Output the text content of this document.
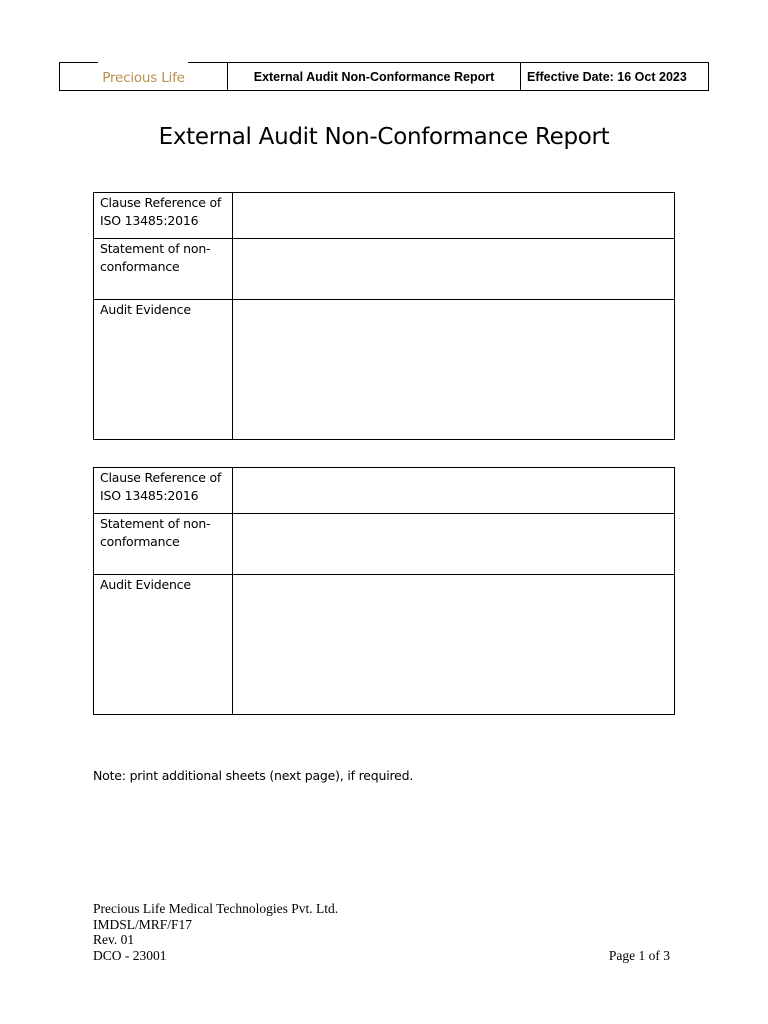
Precious Life	External Audit Non-Conformance Report	Effective Date: 16 Oct 2023
External Audit Non-Conformance Report
Clause Reference of ISO 13485:2016	
Statement of non-conformance	
Audit Evidence	
Clause Reference of ISO 13485:2016	
Statement of non-conformance	
Audit Evidence	
Note: print additional sheets (next page), if required.
Precious Life Medical Technologies Pvt. Ltd.
IMDSL/MRF/F17
Rev. 01
DCO - 23001	Page 1 of 3
